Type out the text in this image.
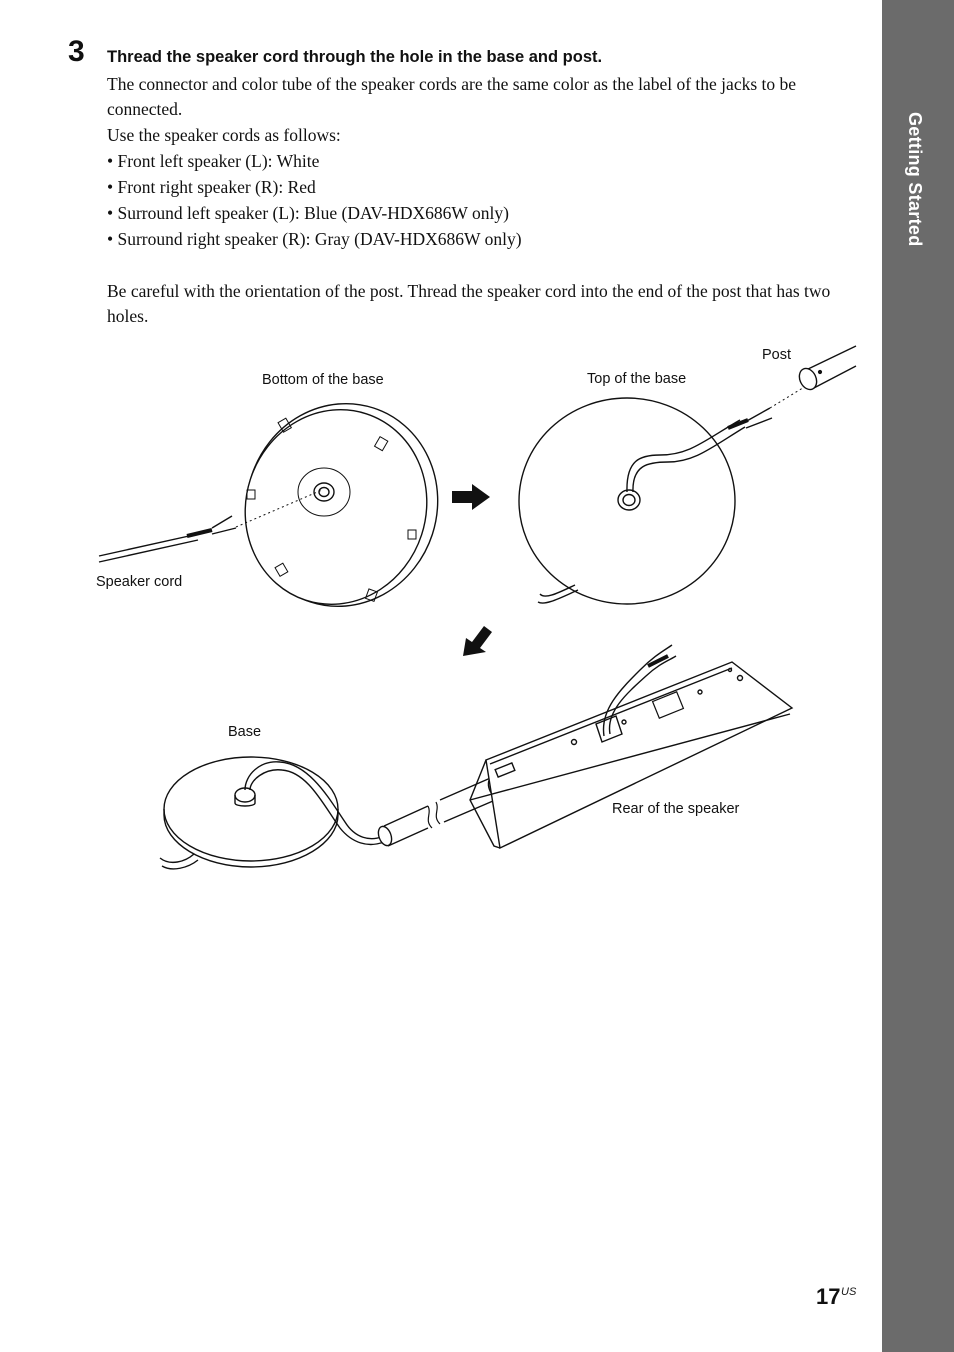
Getting Started
3 Thread the speaker cord through the hole in the base and post.
The connector and color tube of the speaker cords are the same color as the label of the jacks to be connected.
Use the speaker cords as follows:
• Front left speaker (L): White
• Front right speaker (R): Red
• Surround left speaker (L): Blue (DAV-HDX686W only)
• Surround right speaker (R): Gray (DAV-HDX686W only)
Be careful with the orientation of the post. Thread the speaker cord into the end of the post that has two holes.
Bottom of the base	Top of the base
Post
Speaker cord
Base
Rear of the speaker
17 US
